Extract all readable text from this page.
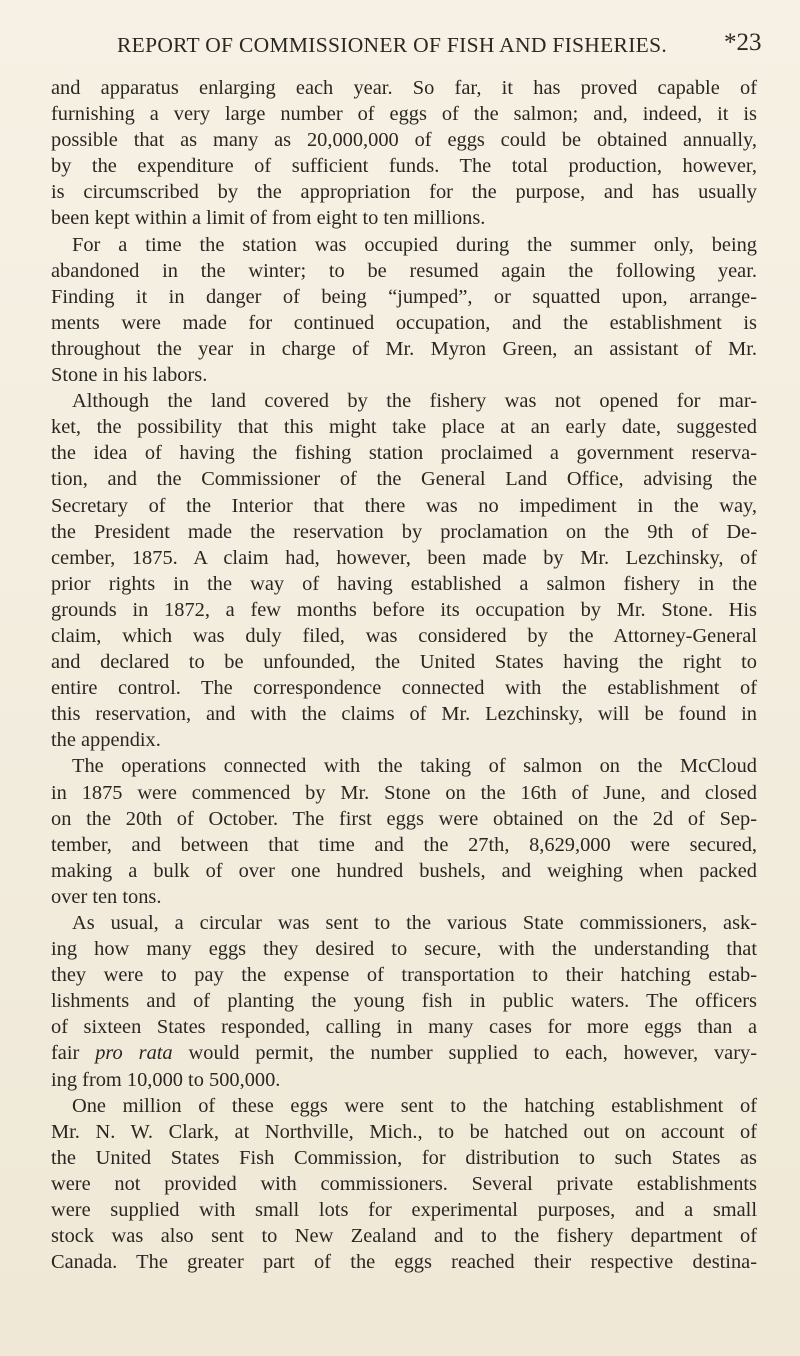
REPORT OF COMMISSIONER OF FISH AND FISHERIES. *23
and apparatus enlarging each year. So far, it has proved capable of
furnishing a very large number of eggs of the salmon; and, indeed, it is
possible that as many as 20,000,000 of eggs could be obtained annually,
by the expenditure of sufficient funds. The total production, however,
is circumscribed by the appropriation for the purpose, and has usually
been kept within a limit of from eight to ten millions.
For a time the station was occupied during the summer only, being
abandoned in the winter; to be resumed again the following year.
Finding it in danger of being “jumped”, or squatted upon, arrange-
ments were made for continued occupation, and the establishment is
throughout the year in charge of Mr. Myron Green, an assistant of Mr.
Stone in his labors.
Although the land covered by the fishery was not opened for mar-
ket, the possibility that this might take place at an early date, suggested
the idea of having the fishing station proclaimed a government reserva-
tion, and the Commissioner of the General Land Office, advising the
Secretary of the Interior that there was no impediment in the way,
the President made the reservation by proclamation on the 9th of De-
cember, 1875. A claim had, however, been made by Mr. Lezchinsky, of
prior rights in the way of having established a salmon fishery in the
grounds in 1872, a few months before its occupation by Mr. Stone. His
claim, which was duly filed, was considered by the Attorney-General
and declared to be unfounded, the United States having the right to
entire control. The correspondence connected with the establishment of
this reservation, and with the claims of Mr. Lezchinsky, will be found in
the appendix.
The operations connected with the taking of salmon on the McCloud
in 1875 were commenced by Mr. Stone on the 16th of June, and closed
on the 20th of October. The first eggs were obtained on the 2d of Sep-
tember, and between that time and the 27th, 8,629,000 were secured,
making a bulk of over one hundred bushels, and weighing when packed
over ten tons.
As usual, a circular was sent to the various State commissioners, ask-
ing how many eggs they desired to secure, with the understanding that
they were to pay the expense of transportation to their hatching estab-
lishments and of planting the young fish in public waters. The officers
of sixteen States responded, calling in many cases for more eggs than a
fair pro rata would permit, the number supplied to each, however, vary-
ing from 10,000 to 500,000.
One million of these eggs were sent to the hatching establishment of
Mr. N. W. Clark, at Northville, Mich., to be hatched out on account of
the United States Fish Commission, for distribution to such States as
were not provided with commissioners. Several private establishments
were supplied with small lots for experimental purposes, and a small
stock was also sent to New Zealand and to the fishery department of
Canada. The greater part of the eggs reached their respective destina-
